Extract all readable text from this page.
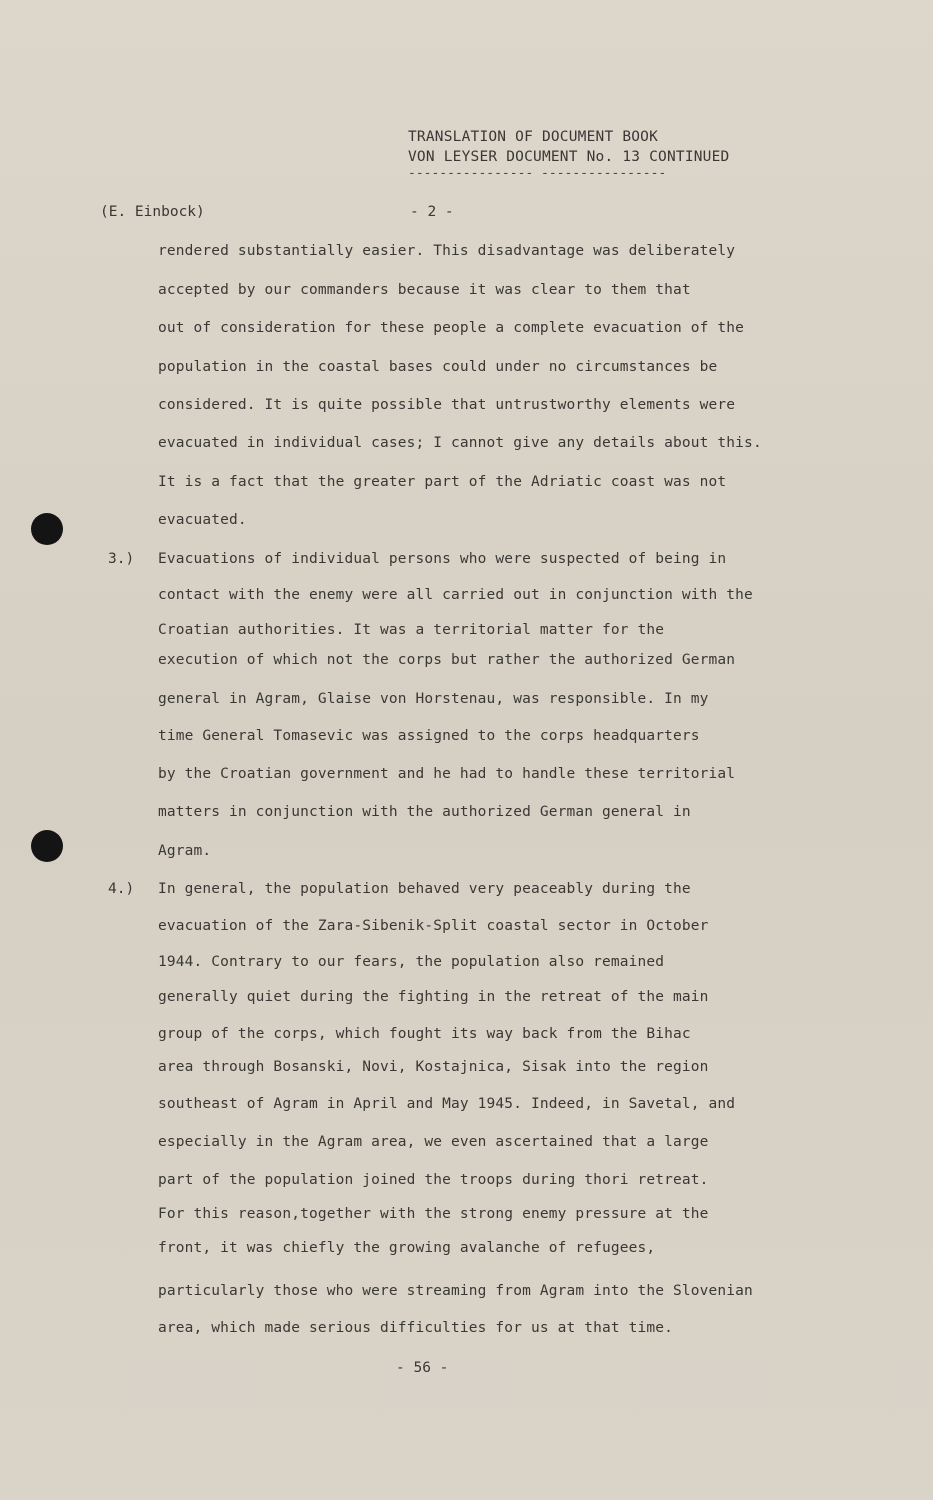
TRANSLATION OF DOCUMENT BOOK
VON LEYSER DOCUMENT No. 13 CONTINUED
---------------- ----------------
(E. Einbock)	- 2 -
rendered substantially easier. This disadvantage was deliberately
accepted by our commanders because it was clear to them that
out of consideration for these people a complete evacuation of the
population in the coastal bases could under no circumstances be
considered. It is quite possible that untrustworthy elements were
evacuated in individual cases; I cannot give any details about this.
It is a fact that the greater part of the Adriatic coast was not
evacuated.
3.) Evacuations of individual persons who were suspected of being in
contact with the enemy were all carried out in conjunction with the
Croatian authorities. It was a territorial matter for the
execution of which not the corps but rather the authorized German
general in Agram, Glaise von Horstenau, was responsible. In my
time General Tomasevic was assigned to the corps headquarters
by the Croatian government and he had to handle these territorial
matters in conjunction with the authorized German general in
Agram.
4.) In general, the population behaved very peaceably during the
evacuation of the Zara-Sibenik-Split coastal sector in October
1944. Contrary to our fears, the population also remained
generally quiet during the fighting in the retreat of the main
group of the corps, which fought its way back from the Bihac
area through Bosanski, Novi, Kostajnica, Sisak into the region
southeast of Agram in April and May 1945. Indeed, in Savetal, and
especially in the Agram area, we even ascertained that a large
part of the population joined the troops during thori retreat.
For this reason,together with the strong enemy pressure at the
front, it was chiefly the growing avalanche of refugees,
particularly those who were streaming from Agram into the Slovenian
area, which made serious difficulties for us at that time.
- 56 -
